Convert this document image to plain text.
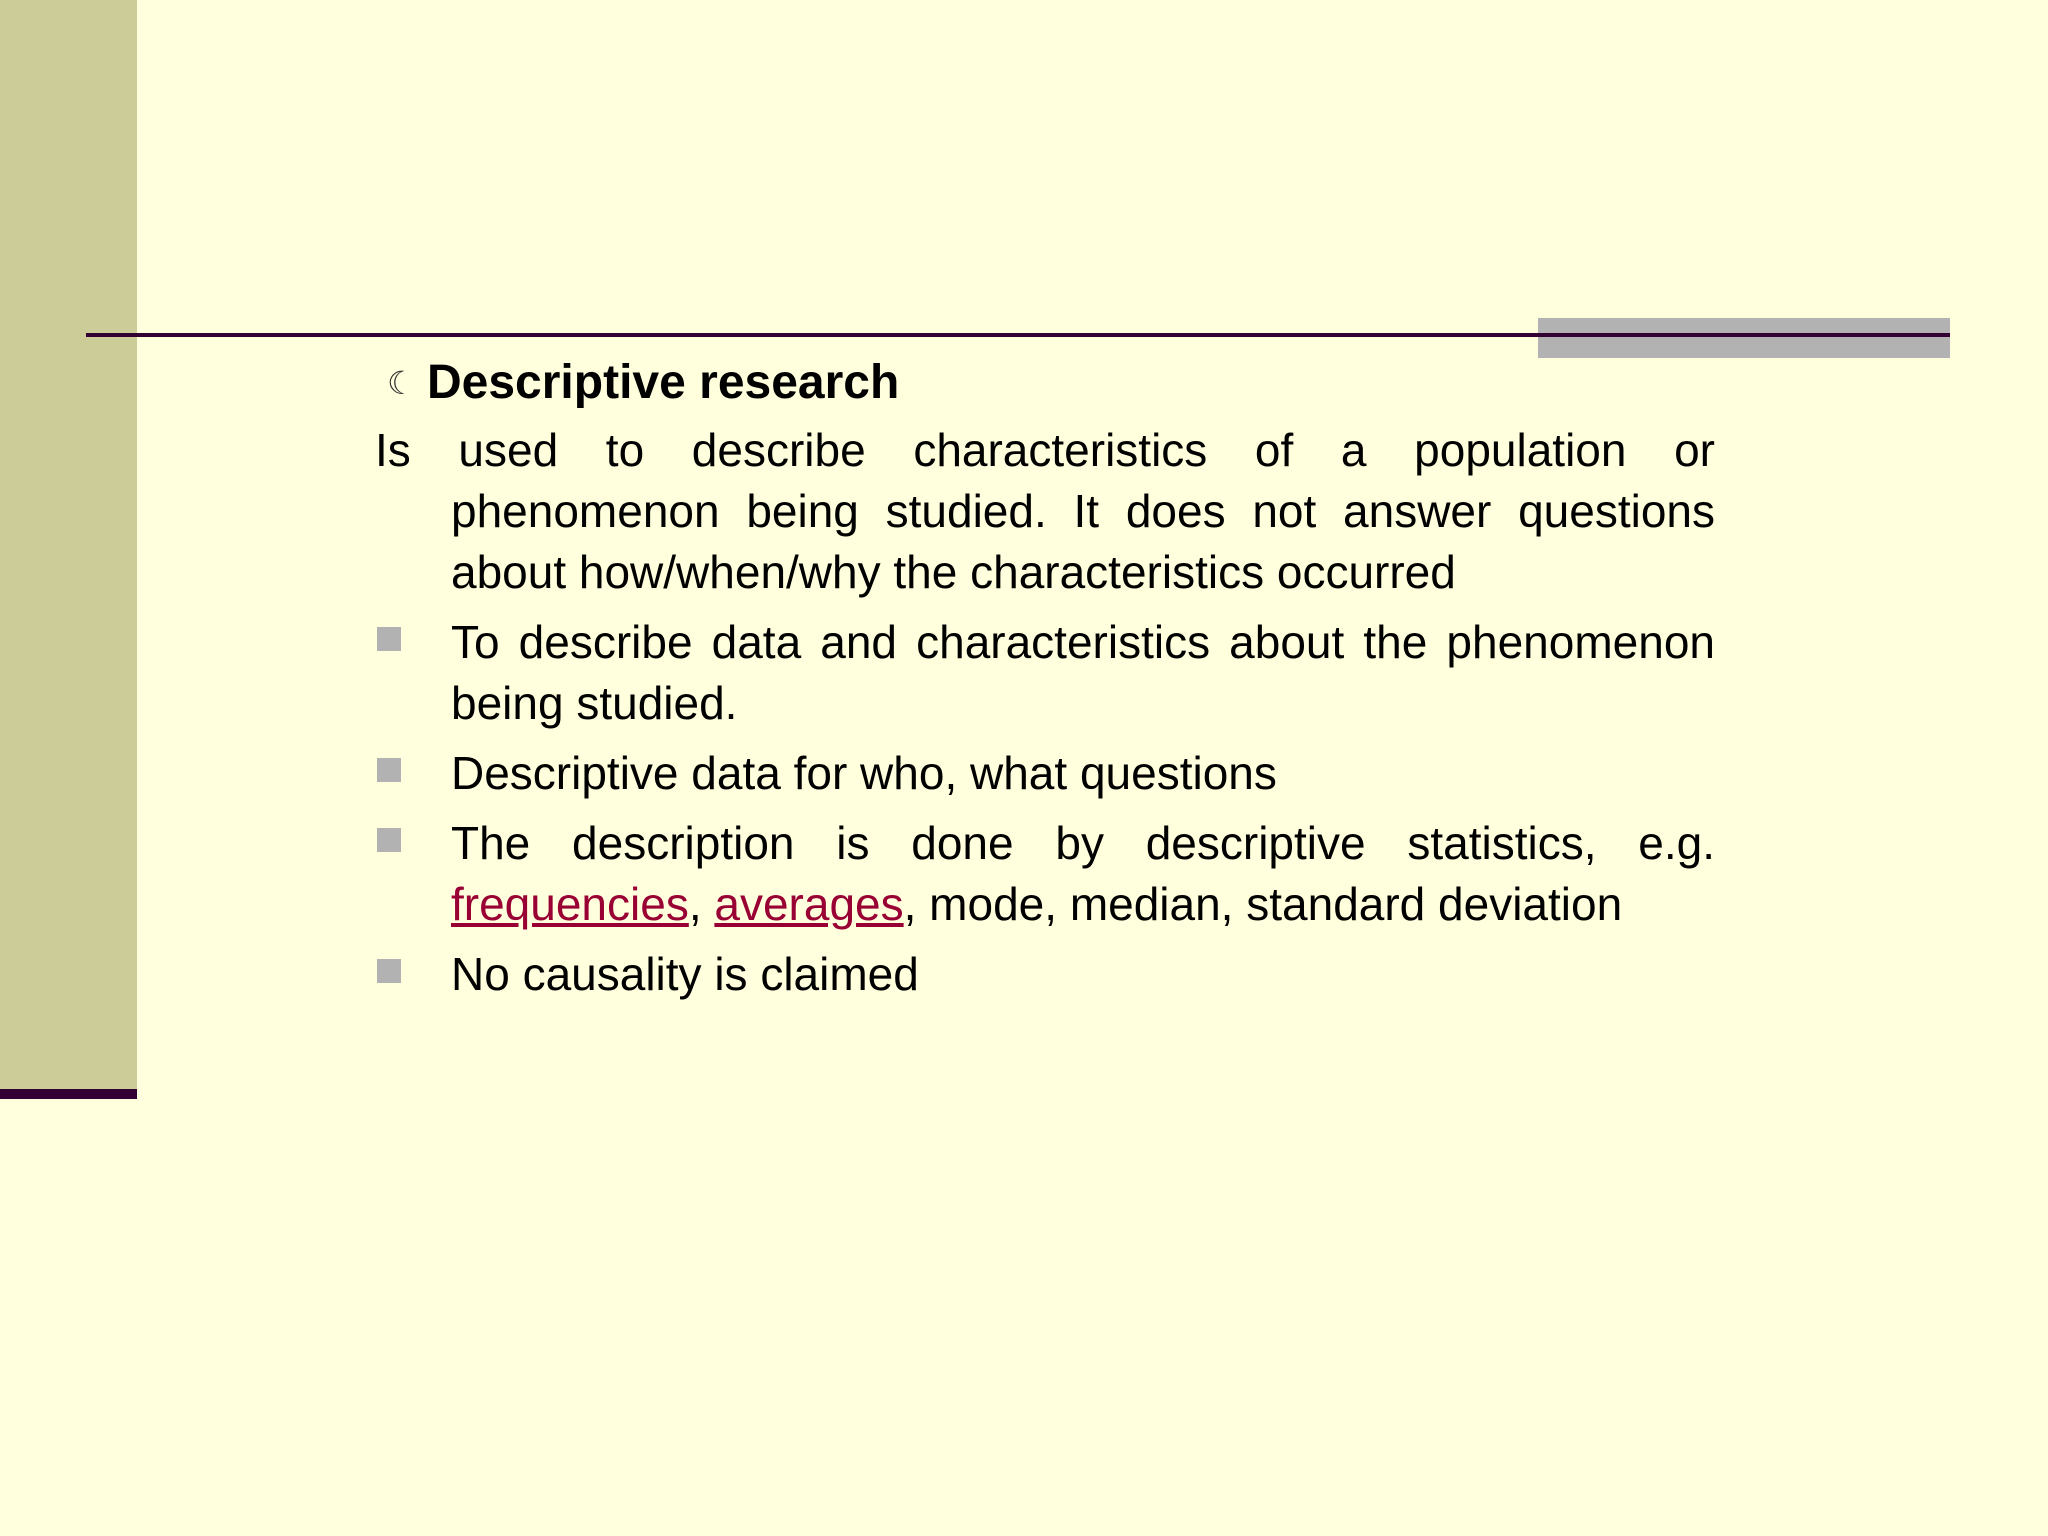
☾ Descriptive research

Is used to describe characteristics of a population or phenomenon being studied. It does not answer questions about how/when/why the characteristics occurred

To describe data and characteristics about the phenomenon being studied.
Descriptive data for who, what questions
The description is done by descriptive statistics, e.g. frequencies, averages, mode, median, standard deviation
No causality is claimed
